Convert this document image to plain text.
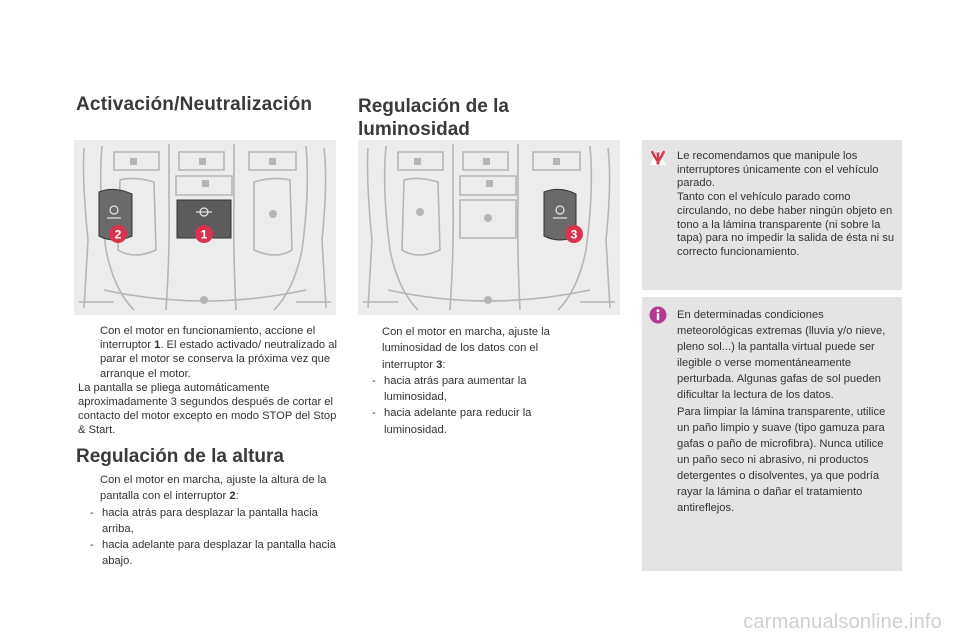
Activación/Neutralización Regulación de la
luminosidad
2	1	3

Con el motor en funcionamiento, accione el interruptor 1. El estado activado/ neutralizado al parar el motor se conserva la próxima vez que arranque el motor.

La pantalla se pliega automáticamente aproximadamente 3 segundos después de cortar el contacto del motor excepto en modo STOP del Stop & Start.

Regulación de la altura

Con el motor en marcha, ajuste la altura de la pantalla con el interruptor 2:

- hacia atrás para desplazar la pantalla hacia arriba,

- hacia adelante para desplazar la pantalla hacia abajo.

Con el motor en marcha, ajuste la luminosidad de los datos con el interruptor 3:

- hacia atrás para aumentar la luminosidad,

- hacia adelante para reducir la luminosidad.

Le recomendamos que manipule los interruptores únicamente con el vehículo parado.
Tanto con el vehículo parado como circulando, no debe haber ningún objeto en tono a la lámina transparente (ni sobre la tapa) para no impedir la salida de ésta ni su correcto funcionamiento.

En determinadas condiciones meteorológicas extremas (lluvia y/o nieve, pleno sol...) la pantalla virtual puede ser ilegible o verse momentáneamente perturbada. Algunas gafas de sol pueden dificultar la lectura de los datos.
Para limpiar la lámina transparente, utilice un paño limpio y suave (tipo gamuza para gafas o paño de microfibra). Nunca utilice un paño seco ni abrasivo, ni productos detergentes o disolventes, ya que podría rayar la lámina o dañar el tratamiento antireflejos.

carmanualsonline.info
